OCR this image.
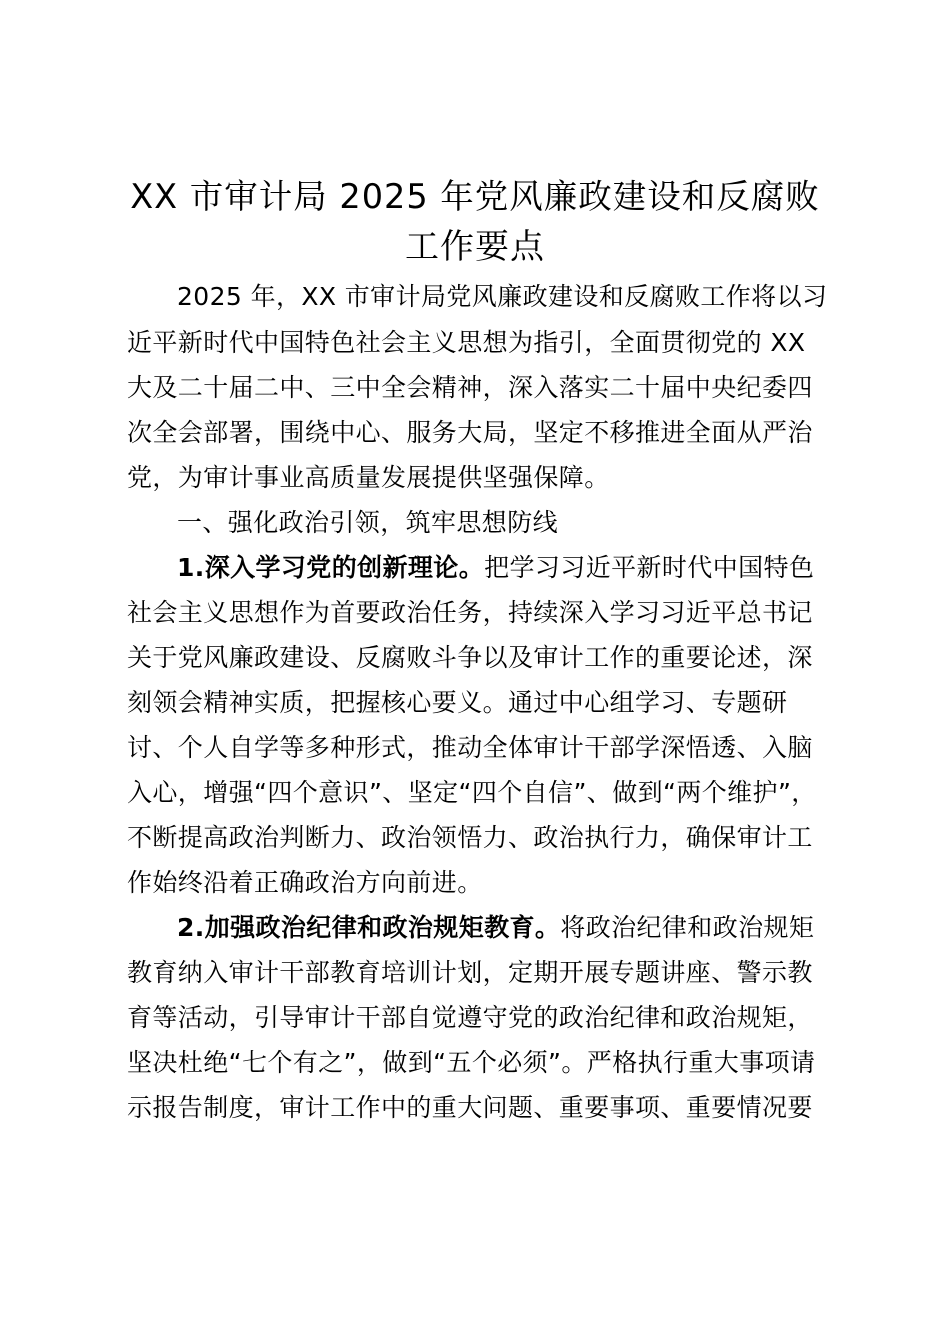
XX 市审计局 2025 年党风廉政建设和反腐败
工作要点
2025 年，XX 市审计局党风廉政建设和反腐败工作将以习
近平新时代中国特色社会主义思想为指引，全面贯彻党的 XX
大及二十届二中、三中全会精神，深入落实二十届中央纪委四
次全会部署，围绕中心、服务大局，坚定不移推进全面从严治
党，为审计事业高质量发展提供坚强保障。
一、强化政治引领，筑牢思想防线
1.深入学习党的创新理论。把学习习近平新时代中国特色
社会主义思想作为首要政治任务，持续深入学习习近平总书记
关于党风廉政建设、反腐败斗争以及审计工作的重要论述，深
刻领会精神实质，把握核心要义。通过中心组学习、专题研
讨、个人自学等多种形式，推动全体审计干部学深悟透、入脑
入心，增强“四个意识”、坚定“四个自信”、做到“两个维护”，
不断提高政治判断力、政治领悟力、政治执行力，确保审计工
作始终沿着正确政治方向前进。
2.加强政治纪律和政治规矩教育。将政治纪律和政治规矩
教育纳入审计干部教育培训计划，定期开展专题讲座、警示教
育等活动，引导审计干部自觉遵守党的政治纪律和政治规矩，
坚决杜绝“七个有之”，做到“五个必须”。严格执行重大事项请
示报告制度，审计工作中的重大问题、重要事项、重要情况要
